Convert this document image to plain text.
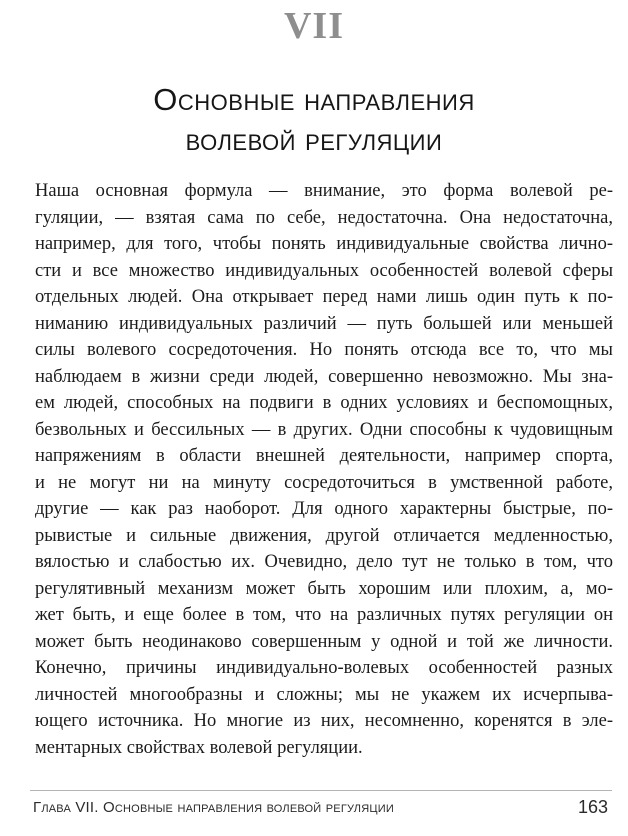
VII
Основные направления
волевой регуляции
Наша основная формула — внимание, это форма волевой ре-
гуляции, — взятая сама по себе, недостаточна. Она недостаточна,
например, для того, чтобы понять индивидуальные свойства лично-
сти и все множество индивидуальных особенностей волевой сферы
отдельных людей. Она открывает перед нами лишь один путь к по-
ниманию индивидуальных различий — путь большей или меньшей
силы волевого сосредоточения. Но понять отсюда все то, что мы
наблюдаем в жизни среди людей, совершенно невозможно. Мы зна-
ем людей, способных на подвиги в одних условиях и беспомощных,
безвольных и бессильных — в других. Одни способны к чудовищным
напряжениям в области внешней деятельности, например спорта,
и не могут ни на минуту сосредоточиться в умственной работе,
другие — как раз наоборот. Для одного характерны быстрые, по-
рывистые и сильные движения, другой отличается медленностью,
вялостью и слабостью их. Очевидно, дело тут не только в том, что
регулятивный механизм может быть хорошим или плохим, а, мо-
жет быть, и еще более в том, что на различных путях регуляции он
может быть неодинаково совершенным у одной и той же личности.
Конечно, причины индивидуально-волевых особенностей разных
личностей многообразны и сложны; мы не укажем их исчерпыва-
ющего источника. Но многие из них, несомненно, коренятся в эле-
ментарных свойствах волевой регуляции.
Глава VII. Основные направления волевой регуляции	163
